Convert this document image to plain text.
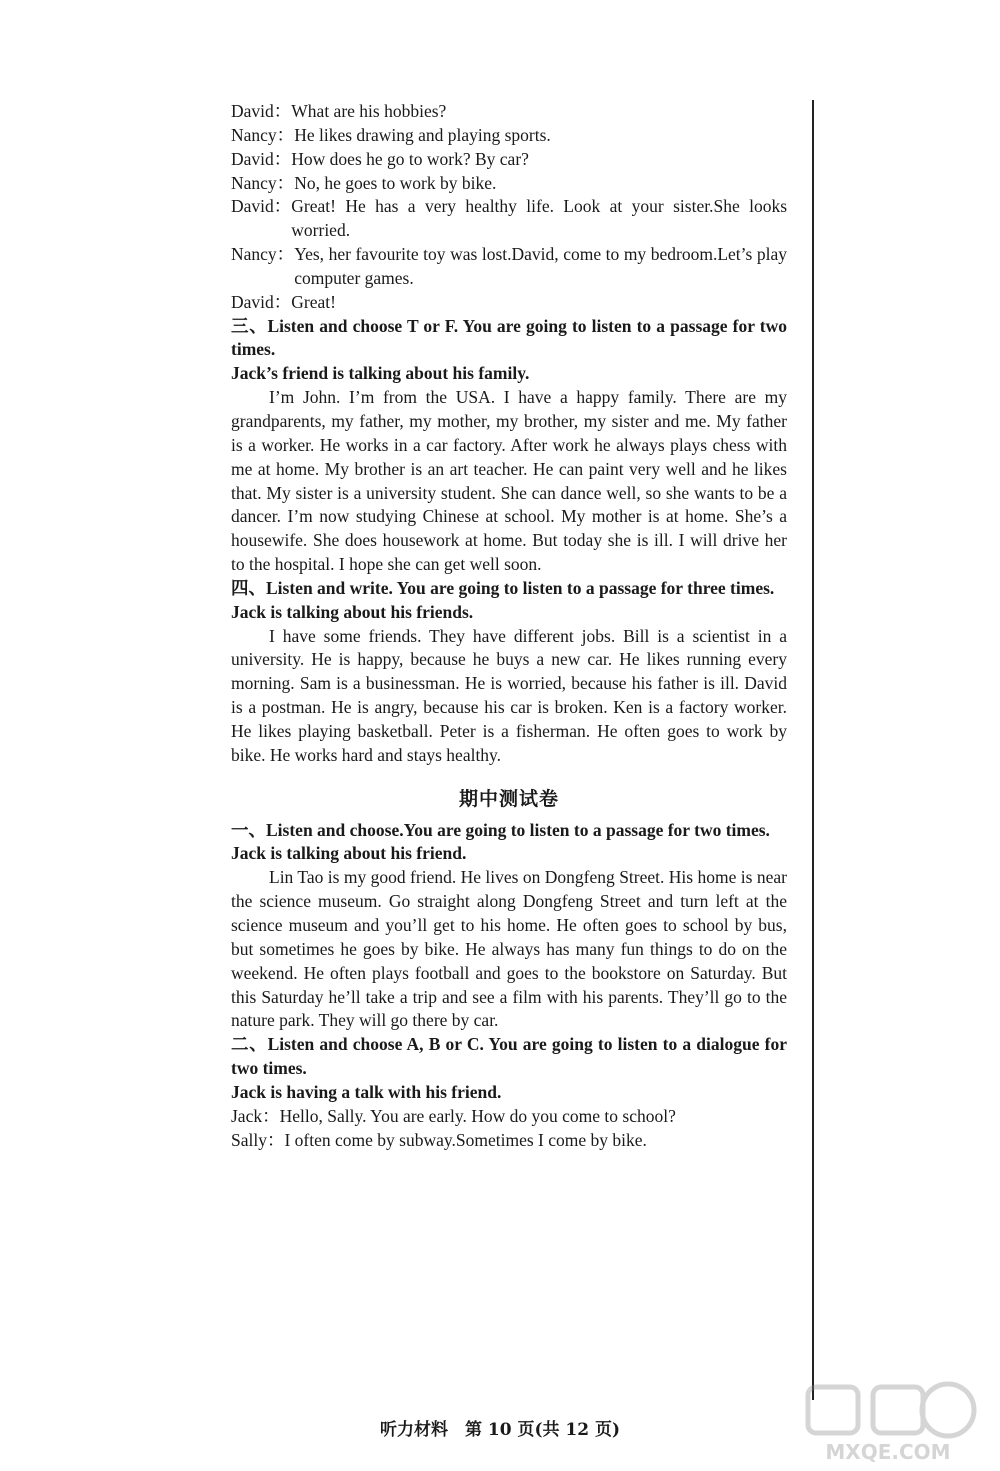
David： What are his hobbies?
Nancy： He likes drawing and playing sports.
David： How does he go to work? By car?
Nancy： No, he goes to work by bike.
David： Great! He has a very healthy life. Look at your sister.She looks worried.
Nancy： Yes, her favourite toy was lost.David, come to my bedroom.Let’s play computer games.
David： Great!
三、Listen and choose T or F. You are going to listen to a passage for two times.
Jack’s friend is talking about his family.
I’m John. I’m from the USA. I have a happy family. There are my grandparents, my father, my mother, my brother, my sister and me. My father is a worker. He works in a car factory. After work he always plays chess with me at home. My brother is an art teacher. He can paint very well and he likes that. My sister is a university student. She can dance well, so she wants to be a dancer. I’m now studying Chinese at school. My mother is at home. She’s a housewife. She does housework at home. But today she is ill. I will drive her to the hospital. I hope she can get well soon.
四、Listen and write. You are going to listen to a passage for three times.
Jack is talking about his friends.
I have some friends. They have different jobs. Bill is a scientist in a university. He is happy, because he buys a new car. He likes running every morning. Sam is a businessman. He is worried, because his father is ill. David is a postman. He is angry, because his car is broken. Ken is a factory worker. He likes playing basketball. Peter is a fisherman. He often goes to work by bike. He works hard and stays healthy.
期中测试卷
一、Listen and choose.You are going to listen to a passage for two times.
Jack is talking about his friend.
Lin Tao is my good friend. He lives on Dongfeng Street. His home is near the science museum. Go straight along Dongfeng Street and turn left at the science museum and you’ll get to his home. He often goes to school by bus, but sometimes he goes by bike. He always has many fun things to do on the weekend. He often plays football and goes to the bookstore on Saturday. But this Saturday he’ll take a trip and see a film with his parents. They’ll go to the nature park. They will go there by car.
二、Listen and choose A, B or C. You are going to listen to a dialogue for two times.
Jack is having a talk with his friend.
Jack： Hello, Sally. You are early. How do you come to school?
Sally： I often come by subway.Sometimes I come by bike.
听力材料　第 10 页(共 12 页)
MXQE.COM
